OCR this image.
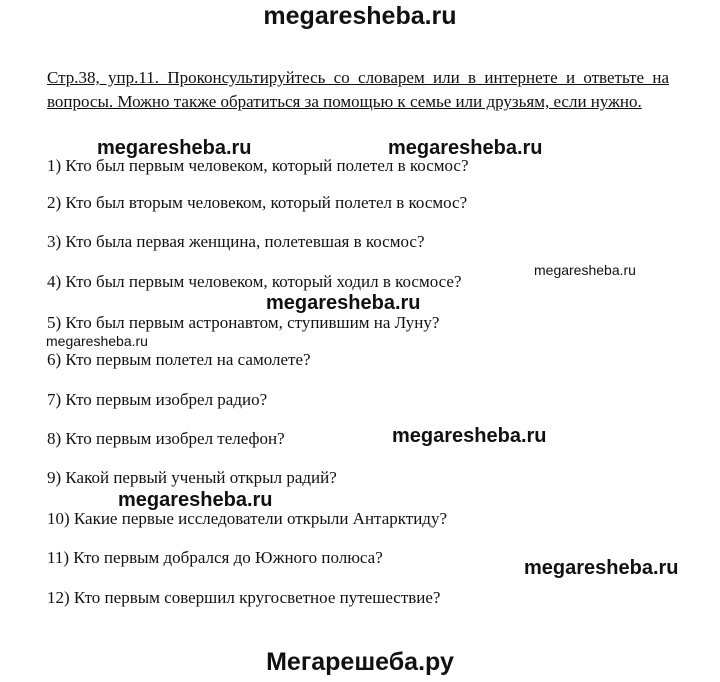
megaresheba.ru
Стр.38, упр.11. Проконсультируйтесь со словарем или в интернете и ответьте на вопросы. Можно также обратиться за помощью к семье или друзьям, если нужно.
1) Кто был первым человеком, который полетел в космос?
2) Кто был вторым человеком, который полетел в космос?
3) Кто была первая женщина, полетевшая в космос?
4) Кто был первым человеком, который ходил в космосе?
5) Кто был первым астронавтом, ступившим на Луну?
6) Кто первым полетел на самолете?
7) Кто первым изобрел радио?
8) Кто первым изобрел телефон?
9) Какой первый ученый открыл радий?
10) Какие первые исследователи открыли Антарктиду?
11) Кто первым добрался до Южного полюса?
12) Кто первым совершил кругосветное путешествие?
megaresheba.ru	megaresheba.ru
megaresheba.ru
megaresheba.ru
megaresheba.ru
megaresheba.ru
megaresheba.ru
megaresheba.ru
Мегарешеба.ру
